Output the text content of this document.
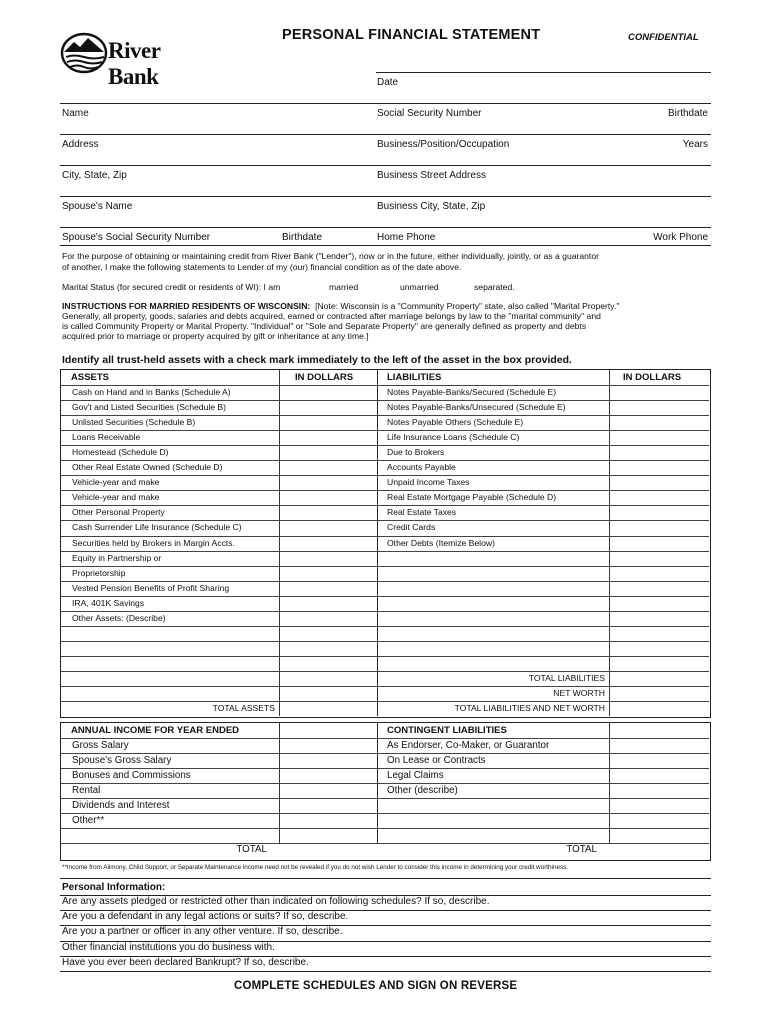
River Bank
PERSONAL FINANCIAL STATEMENT	CONFIDENTIAL
Date
Name	Social Security Number	Birthdate
Address	Business/Position/Occupation	Years
City, State, Zip	Business Street Address
Spouse's Name	Business City, State, Zip
Spouse's Social Security Number	Birthdate	Home Phone	Work Phone
For the purpose of obtaining or maintaining credit from River Bank ("Lender"), now or in the future, either individually, jointly, or as a guarantor
of another, I make the following statements to Lender of my (our) financial condition as of the date above.
Marital Status (for secured credit or residents of WI): I am	married	unmarried	separated.
INSTRUCTIONS FOR MARRIED RESIDENTS OF WISCONSIN: [Note: Wisconsin is a "Community Property" state, also called "Marital Property."
Generally, all property, goods, salaries and debts acquired, earned or contracted after marriage belongs by law to the "marital community" and
is called Community Property or Marital Property. "Individual" or "Sole and Separate Property" are generally defined as property and debts
acquired prior to marriage or property acquired by gift or inheritance at any time.]
Identify all trust-held assets with a check mark immediately to the left of the asset in the box provided.
ASSETS	IN DOLLARS	LIABILITIES	IN DOLLARS
Cash on Hand and in Banks (Schedule A)	Notes Payable-Banks/Secured (Schedule E)
Gov't and Listed Securities (Schedule B)	Notes Payable-Banks/Unsecured (Schedule E)
Unlisted Securities (Schedule B)	Notes Payable Others (Schedule E)
Loans Receivable	Life Insurance Loans (Schedule C)
Homestead (Schedule D)	Due to Brokers
Other Real Estate Owned (Schedule D)	Accounts Payable
Vehicle-year and make	Unpaid Income Taxes
Vehicle-year and make	Real Estate Mortgage Payable (Schedule D)
Other Personal Property	Real Estate Taxes
Cash Surrender Life Insurance (Schedule C)	Credit Cards
Securities held by Brokers in Margin Accts.	Other Debts (Itemize Below)
Equity in Partnership or
Proprietorship
Vested Pension Benefits of Profit Sharing
IRA, 401K Savings
Other Assets: (Describe)
TOTAL LIABILITIES
NET WORTH
TOTAL LIABILITIES AND NET WORTH
TOTAL ASSETS
ANNUAL INCOME FOR YEAR ENDED	CONTINGENT LIABILITIES
Gross Salary	As Endorser, Co-Maker, or Guarantor
Spouse's Gross Salary	On Lease or Contracts
Bonuses and Commissions	Legal Claims
Rental	Other (describe)
Dividends and Interest
Other**
TOTAL	TOTAL
**Income from Alimony, Child Support, or Separate Maintenance income need not be revealed if you do not wish Lender to consider this income in determining your credit worthiness.
Personal Information:
Are any assets pledged or restricted other than indicated on following schedules? If so, describe.
Are you a defendant in any legal actions or suits? If so, describe.
Are you a partner or officer in any other venture. If so, describe.
Other financial institutions you do business with.
Have you ever been declared Bankrupt? If so, describe.
COMPLETE SCHEDULES AND SIGN ON REVERSE
